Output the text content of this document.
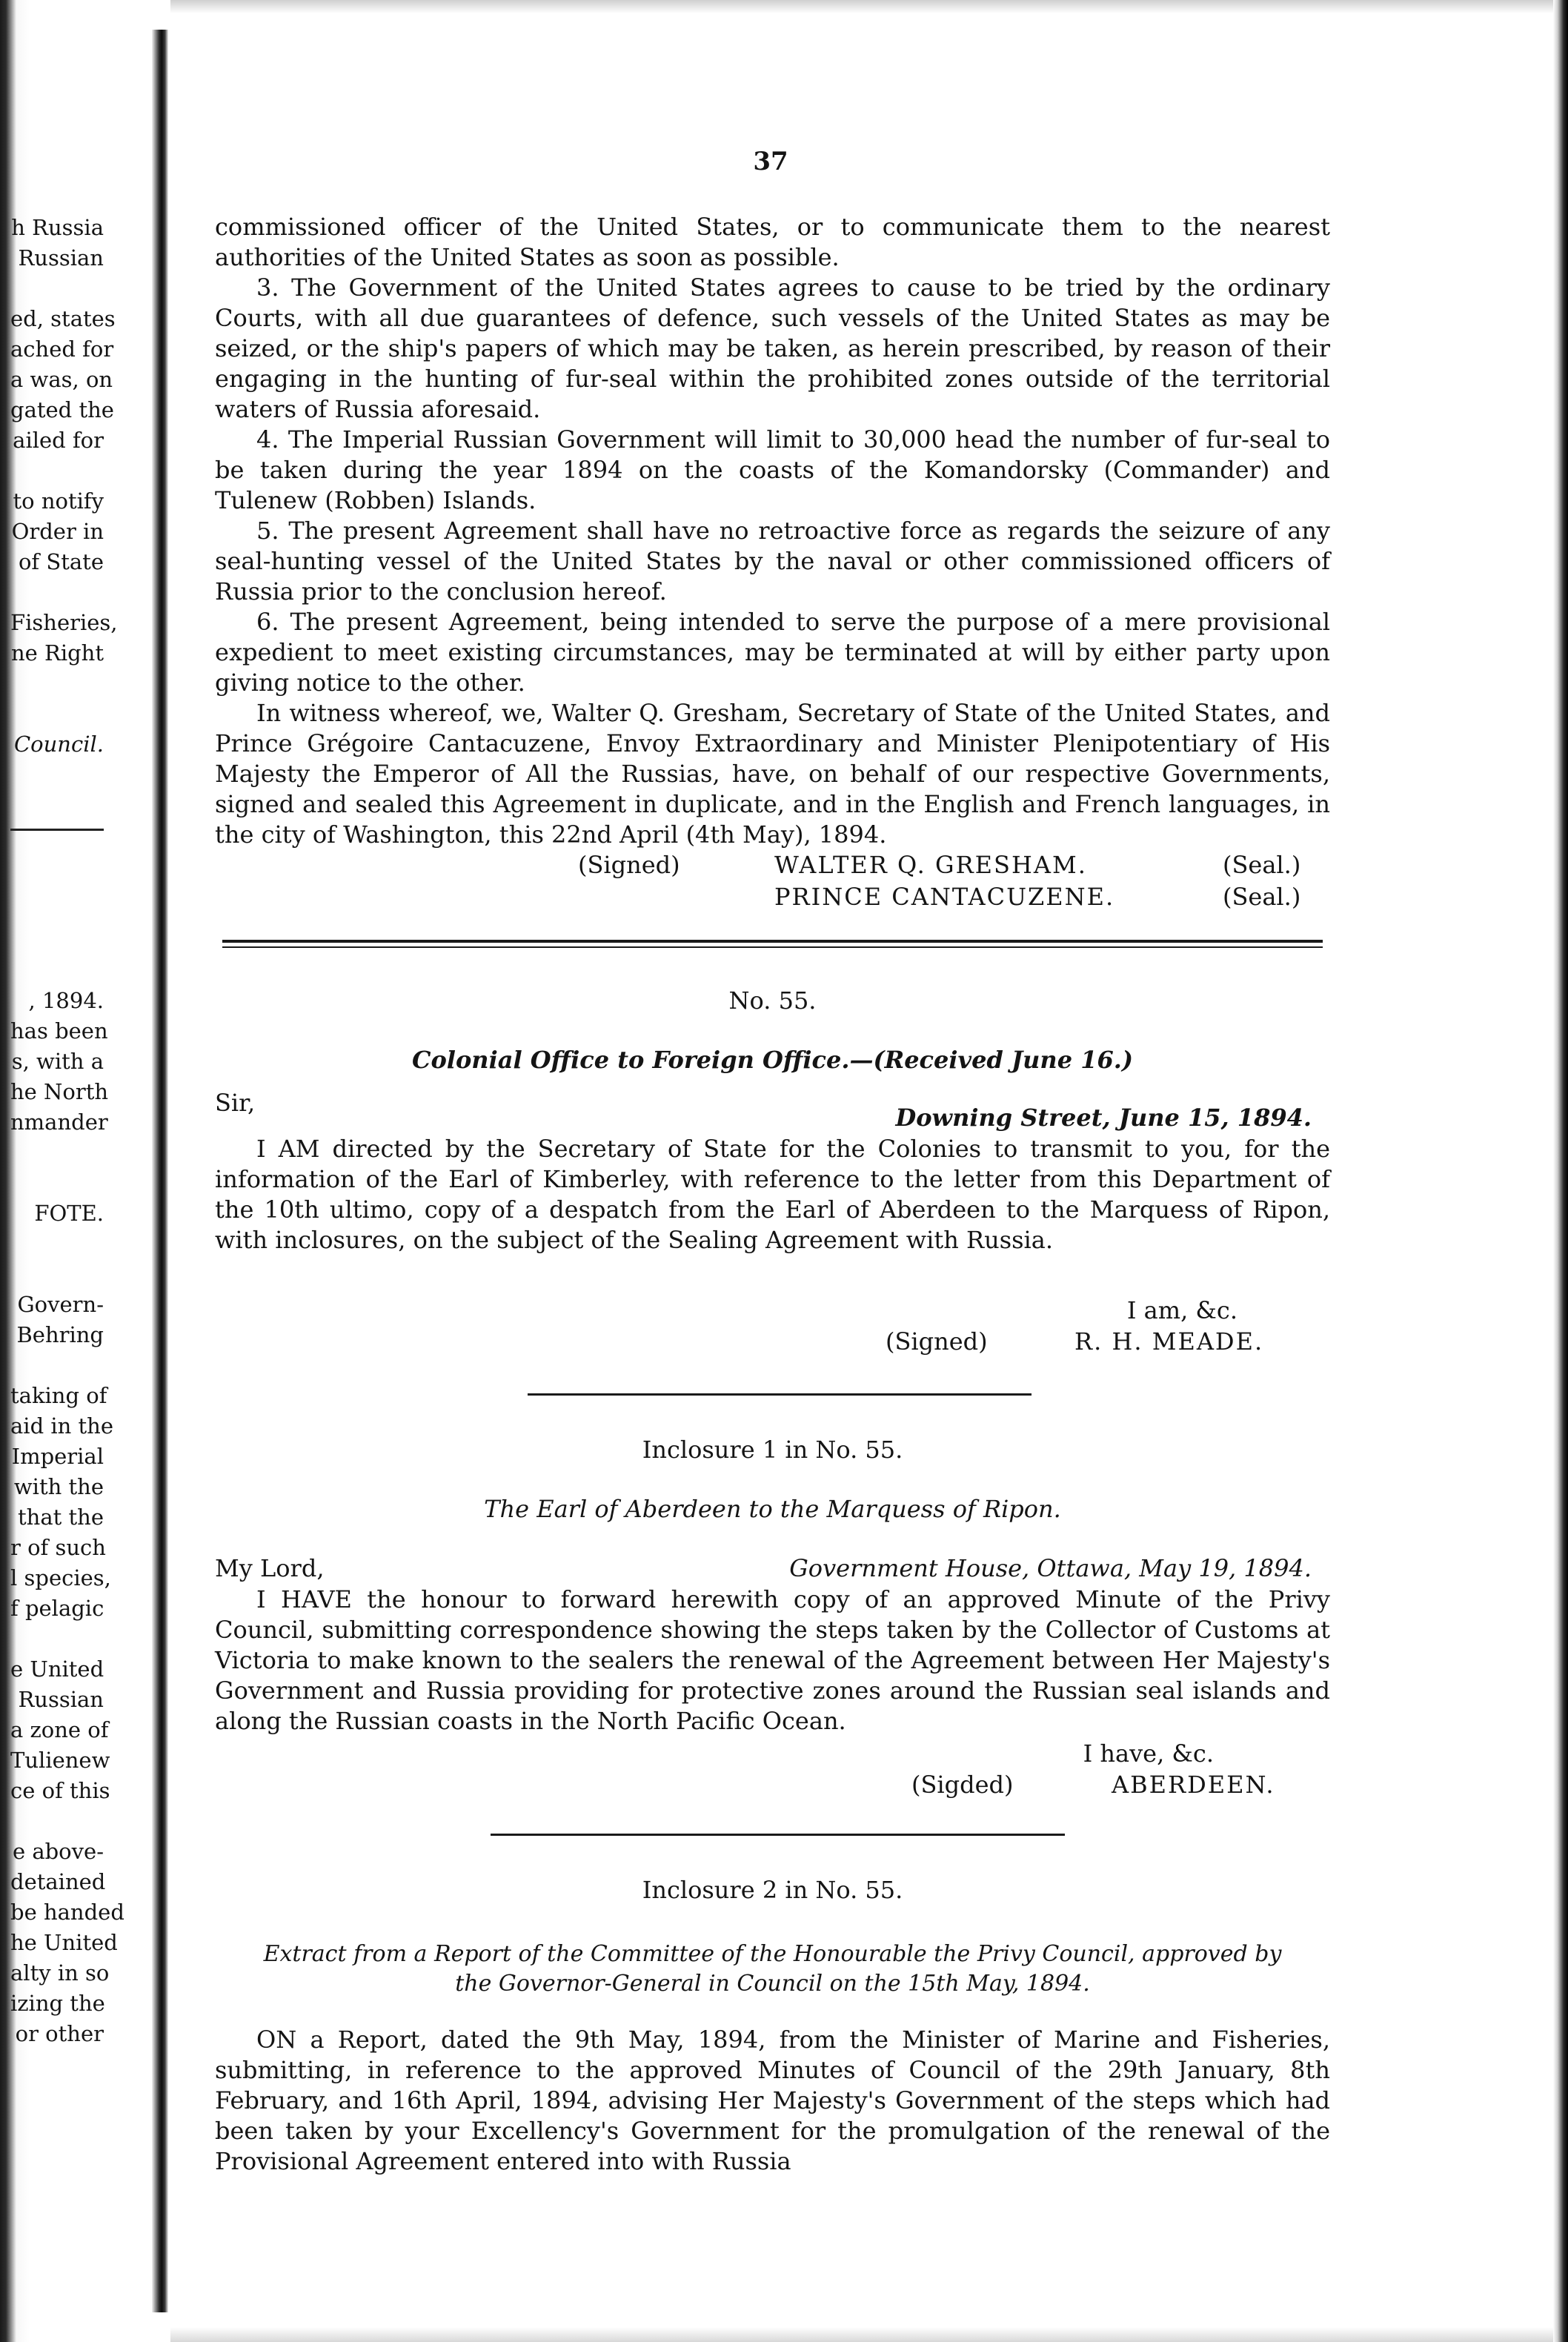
h Russia
Russian
ed, states
ached for
a was, on
gated the
ailed for
to notify
Order in
of State
Fisheries,
ne Right
Council.
, 1894.
has been
s, with a
he North
nmander
FOTE.
Govern-
Behring
taking of
aid in the
Imperial
with the
that the
r of such
l species,
f pelagic
e United
Russian
a zone of
Tulienew
ce of this
e above-
detained
be handed
he United
alty in so
izing the
or other
37
commissioned officer of the United States, or to communicate them to the nearest authorities of the United States as soon as possible.
3. The Government of the United States agrees to cause to be tried by the ordinary Courts, with all due guarantees of defence, such vessels of the United States as may be seized, or the ship's papers of which may be taken, as herein prescribed, by reason of their engaging in the hunting of fur-seal within the prohibited zones outside of the territorial waters of Russia aforesaid.
4. The Imperial Russian Government will limit to 30,000 head the number of fur-seal to be taken during the year 1894 on the coasts of the Komandorsky (Commander) and Tulenew (Robben) Islands.
5. The present Agreement shall have no retroactive force as regards the seizure of any seal-hunting vessel of the United States by the naval or other commissioned officers of Russia prior to the conclusion hereof.
6. The present Agreement, being intended to serve the purpose of a mere provisional expedient to meet existing circumstances, may be terminated at will by either party upon giving notice to the other.
In witness whereof, we, Walter Q. Gresham, Secretary of State of the United States, and Prince Grégoire Cantacuzene, Envoy Extraordinary and Minister Plenipotentiary of His Majesty the Emperor of All the Russias, have, on behalf of our respective Governments, signed and sealed this Agreement in duplicate, and in the English and French languages, in the city of Washington, this 22nd April (4th May), 1894.
(Signed)	WALTER Q. GRESHAM.	(Seal.)
PRINCE CANTACUZENE.	(Seal.)
No. 55.
Colonial Office to Foreign Office.—(Received June 16.)
Sir,
Downing Street, June 15, 1894.
I AM directed by the Secretary of State for the Colonies to transmit to you, for the information of the Earl of Kimberley, with reference to the letter from this Department of the 10th ultimo, copy of a despatch from the Earl of Aberdeen to the Marquess of Ripon, with inclosures, on the subject of the Sealing Agreement with Russia.
I am, &c.
(Signed)	R. H. MEADE.
Inclosure 1 in No. 55.
The Earl of Aberdeen to the Marquess of Ripon.
My Lord,	Government House, Ottawa, May 19, 1894.
I HAVE the honour to forward herewith copy of an approved Minute of the Privy Council, submitting correspondence showing the steps taken by the Collector of Customs at Victoria to make known to the sealers the renewal of the Agreement between Her Majesty's Government and Russia providing for protective zones around the Russian seal islands and along the Russian coasts in the North Pacific Ocean.
I have, &c.
(Sigded)	ABERDEEN.
Inclosure 2 in No. 55.
Extract from a Report of the Committee of the Honourable the Privy Council, approved by
the Governor-General in Council on the 15th May, 1894.
ON a Report, dated the 9th May, 1894, from the Minister of Marine and Fisheries, submitting, in reference to the approved Minutes of Council of the 29th January, 8th February, and 16th April, 1894, advising Her Majesty's Government of the steps which had been taken by your Excellency's Government for the promulgation of the renewal of the Provisional Agreement entered into with Russia
